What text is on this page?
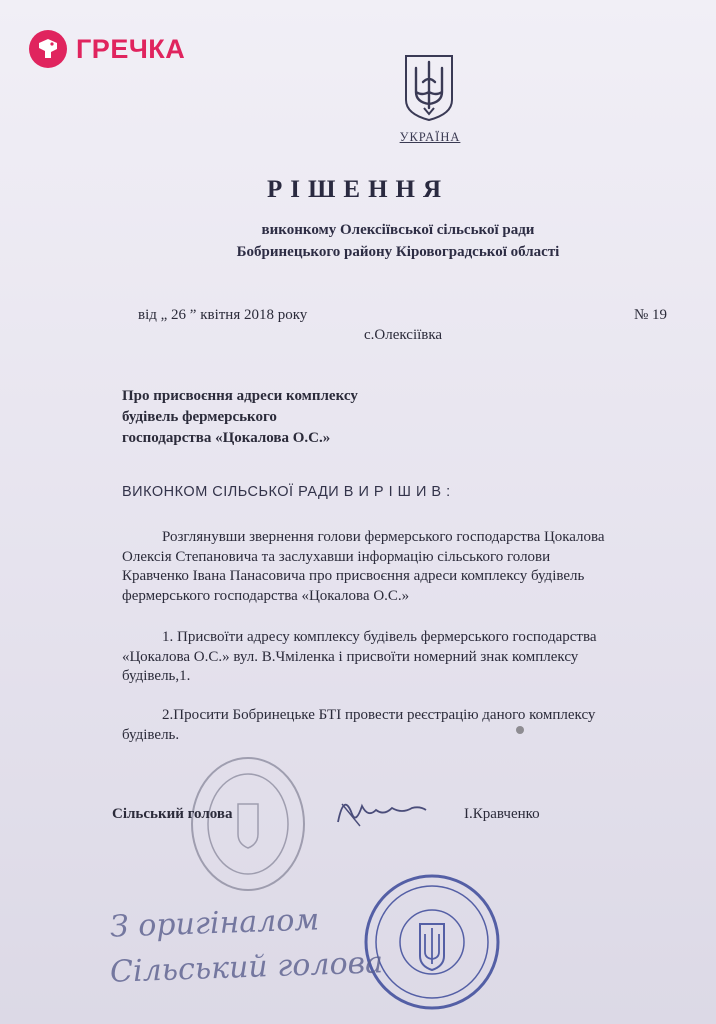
ГРЕЧКА
УКРАЇНА
РІШЕННЯ
виконкому Олексіївської сільської ради
Бобринецького району Кіровоградської області
від „ 26 ” квітня 2018 року	№ 19
с.Олексіївка
Про присвоєння адреси комплексу
будівель фермерського
господарства «Цокалова О.С.»
ВИКОНКОМ СІЛЬСЬКОЇ РАДИ В И Р І Ш И В :
Розглянувши звернення голови фермерського господарства Цокалова
Олексія Степановича та заслухавши інформацію сільського голови
Кравченко Івана Панасовича про присвоєння адреси комплексу будівель
фермерського господарства «Цокалова О.С.»
1. Присвоїти адресу комплексу будівель фермерського господарства
«Цокалова О.С.» вул. В.Чміленка і присвоїти номерний знак комплексу
будівель,1.
2.Просити Бобринецьке БТІ провести реєстрацію даного комплексу
будівель.
Сільський голова	І.Кравченко
З оригіналом
Сільський голова
